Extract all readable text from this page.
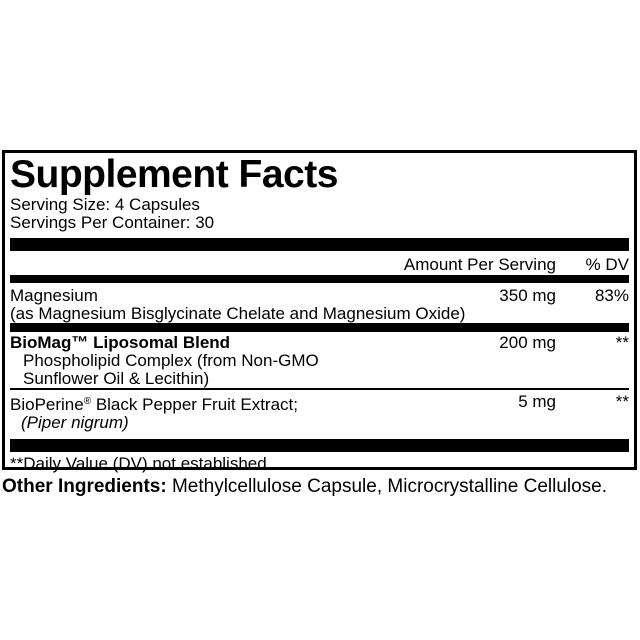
Supplement Facts
Serving Size: 4 Capsules
Servings Per Container: 30
Amount Per Serving	% DV
Magnesium
(as Magnesium Bisglycinate Chelate and Magnesium Oxide)
350 mg	83%
BioMag™ Liposomal Blend
Phospholipid Complex (from Non-GMO
Sunflower Oil & Lecithin)
200 mg	**
BioPerine® Black Pepper Fruit Extract;
(Piper nigrum)
5 mg	**
**Daily Value (DV) not established
Other Ingredients: Methylcellulose Capsule, Microcrystalline Cellulose.
